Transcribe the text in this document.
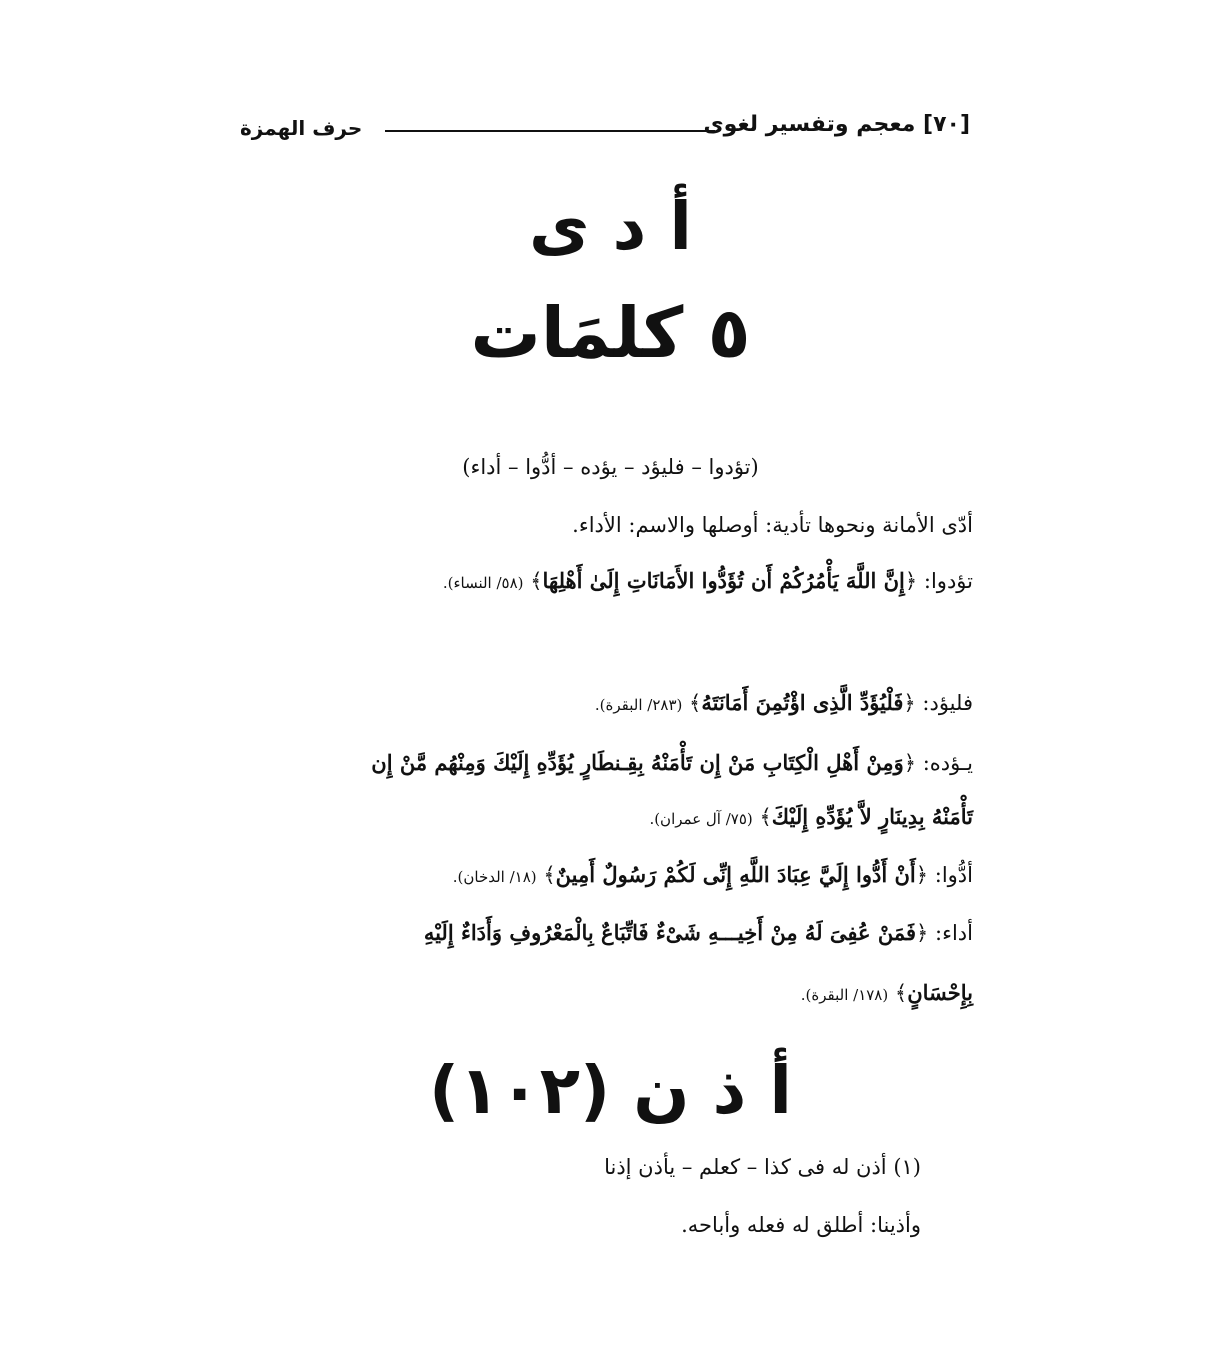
[٧٠] معجم وتفسير لغوى
حرف الهمزة
أ د ى
٥ كلمَات
(تؤدوا – فليؤد – يؤده – أدُّوا – أداء)
أدّى الأمانة ونحوها تأدية: أوصلها والاسم: الأداء.
تؤدوا: ﴿إِنَّ اللَّهَ يَأْمُرُكُمْ أَن تُؤَدُّوا الأَمَانَاتِ إِلَىٰ أَهْلِهَا﴾ (٥٨/ النساء).
فليؤد: ﴿فَلْيُؤَدِّ الَّذِى اؤْتُمِنَ أَمَانَتَهُ﴾ (٢٨٣/ البقرة).
يـؤده: ﴿وَمِنْ أَهْلِ الْكِتَابِ مَنْ إِن تَأْمَنْهُ بِقِـنطَارٍ يُؤَدِّهِ إِلَيْكَ وَمِنْهُم مَّنْ إِن
تَأْمَنْهُ بِدِينَارٍ لاَّ يُؤَدِّهِ إِلَيْكَ﴾ (٧٥/ آل عمران).
أدُّوا: ﴿أَنْ أَدُّوا إِلَيَّ عِبَادَ اللَّهِ إِنِّى لَكُمْ رَسُولٌ أَمِينٌ﴾ (١٨/ الدخان).
أداء: ﴿فَمَنْ عُفِىَ لَهُ مِنْ أَخِيـــهِ شَىْءٌ فَاتِّبَاعٌ بِالْمَعْرُوفِ وَأَدَاءٌ إِلَيْهِ
بِإِحْسَانٍ﴾ (١٧٨/ البقرة).
أ ذ ن (١٠٢)
(١) أذن له فى كذا – كعلم – يأذن إذنا
وأذينا: أطلق له فعله وأباحه.
